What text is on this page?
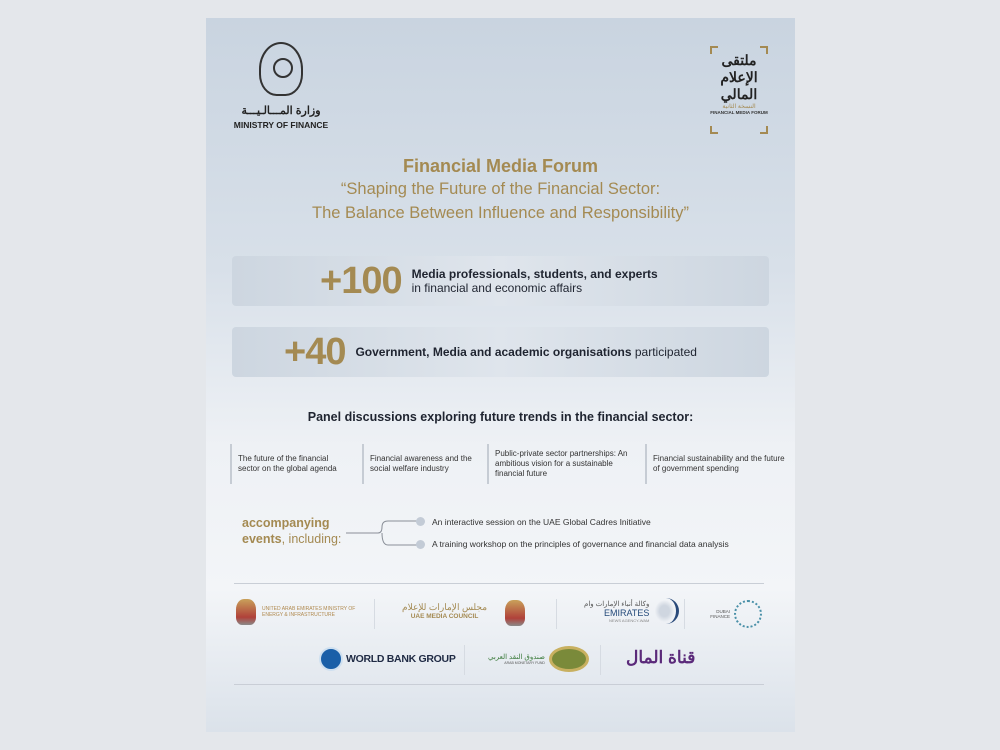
وزارة المـــالـيـــة
MINISTRY OF FINANCE
ملتقى الإعلام المالي
النسخة الثانية
FINANCIAL MEDIA FORUM
Financial Media Forum

“Shaping the Future of the Financial Sector:

The Balance Between Influence and Responsibility”

+100 Media professionals, students, and experts
in financial and economic affairs
+40 Government, Media and academic organisations participated
Panel discussions exploring future trends in the financial sector:
The future of the financial sector on the global agenda
Financial awareness and the social welfare industry
Public-private sector partnerships: An ambitious vision for a sustainable financial future
Financial sustainability and the future of government spending
accompanying
events, including:
An interactive session on the UAE Global Cadres Initiative
A training workshop on the principles of governance and financial data analysis
UNITED ARAB EMIRATES MINISTRY OF ENERGY & INFRASTRUCTURE
مجلس الإمارات للإعلام
UAE MEDIA COUNCIL
وكالة أنباء الإمارات وام
EMIRATES
NEWS AGENCY-WAM
DUBAI FINANCE
WORLD BANK GROUP	صندوق النقد العربي
ARAB MONETARY FUND	قناة المال
